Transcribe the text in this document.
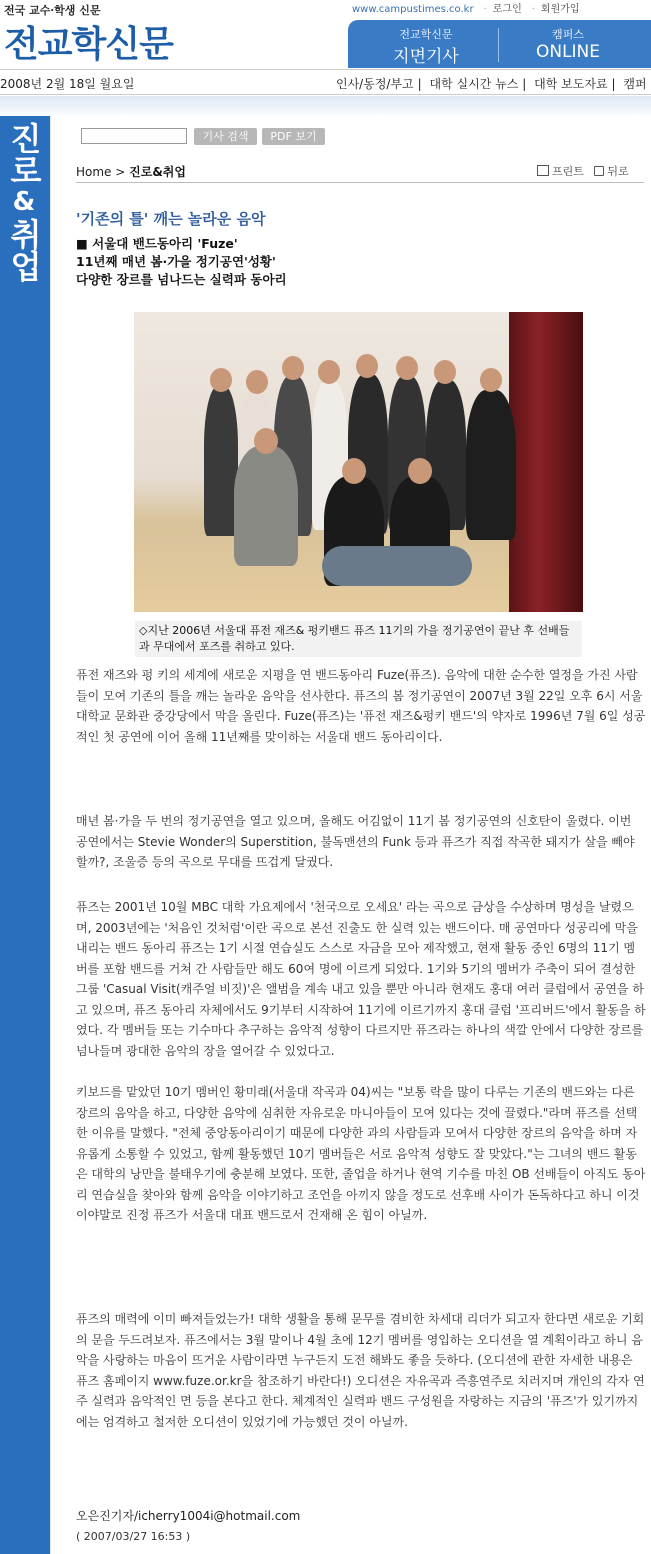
전국 교수·학생 신문
전교학신문
www.campustimes.co.kr · 로그인 · 회원가입
전교학신문
지면기사
캠퍼스
ONLINE
2008년 2월 18일 월요일	인사/동정/부고 | 대학 실시간 뉴스 | 대학 보도자료 | 캠퍼
진로
&
취업
기사 검색	PDF 보기
Home > 진로&취업	프린트 뒤로
'기존의 틀' 깨는 놀라운 음악
■ 서울대 밴드동아리 'Fuze'
11년째 매년 봄·가을 정기공연'성황'
다양한 장르를 넘나드는 실력파 동아리
◇지난 2006년 서울대 퓨전 재즈& 펑키밴드 퓨즈 11기의 가을 정기공연이 끝난 후 선배들과 무대에서 포즈를 취하고 있다.

퓨전 재즈와 펑 키의 세계에 새로운 지평을 연 밴드동아리 Fuze(퓨즈). 음악에 대한 순수한 열정을 가진 사람들이 모여 기존의 틀을 깨는 놀라운 음악을 선사한다. 퓨즈의 봄 정기공연이 2007년 3월 22일 오후 6시 서울대학교 문화관 중강당에서 막을 올린다. Fuze(퓨즈)는 '퓨전 재즈&펑키 밴드'의 약자로 1996년 7월 6일 성공적인 첫 공연에 이어 올해 11년째를 맞이하는 서울대 밴드 동아리이다.

매년 봄·가을 두 번의 정기공연을 열고 있으며, 올해도 어김없이 11기 봄 정기공연의 신호탄이 울렸다. 이번 공연에서는 Stevie Wonder의 Superstition, 불독맨션의 Funk 등과 퓨즈가 직접 작곡한 돼지가 살을 빼야할까?, 조울증 등의 곡으로 무대를 뜨겁게 달궜다.

퓨즈는 2001년 10월 MBC 대학 가요제에서 '천국으로 오세요' 라는 곡으로 금상을 수상하며 명성을 날렸으며, 2003년에는 '처음인 것처럼'이란 곡으로 본선 진출도 한 실력 있는 밴드이다. 매 공연마다 성공리에 막을 내리는 밴드 동아리 퓨즈는 1기 시절 연습실도 스스로 자금을 모아 제작했고, 현재 활동 중인 6명의 11기 멤버를 포함 밴드를 거쳐 간 사람들만 해도 60여 명에 이르게 되었다. 1기와 5기의 멤버가 주축이 되어 결성한 그룹 'Casual Visit(캐주얼 비짓)'은 앨범을 계속 내고 있을 뿐만 아니라 현재도 홍대 여러 클럽에서 공연을 하고 있으며, 퓨즈 동아리 자체에서도 9기부터 시작하여 11기에 이르기까지 홍대 클럽 '프리버드'에서 활동을 하였다. 각 멤버들 또는 기수마다 추구하는 음악적 성향이 다르지만 퓨즈라는 하나의 색깔 안에서 다양한 장르를 넘나들며 광대한 음악의 장을 열어갈 수 있었다고.

키보드를 맡았던 10기 멤버인 황미래(서울대 작곡과 04)씨는 "보통 락을 많이 다루는 기존의 밴드와는 다른 장르의 음악을 하고, 다양한 음악에 심취한 자유로운 마니아들이 모여 있다는 것에 끌렸다."라며 퓨즈를 선택한 이유를 말했다. "전체 중앙동아리이기 때문에 다양한 과의 사람들과 모여서 다양한 장르의 음악을 하며 자유롭게 소통할 수 있었고, 함께 활동했던 10기 멤버들은 서로 음악적 성향도 잘 맞았다."는 그녀의 밴드 활동은 대학의 낭만을 불태우기에 충분해 보였다. 또한, 졸업을 하거나 현역 기수를 마친 OB 선배들이 아직도 동아리 연습실을 찾아와 함께 음악을 이야기하고 조언을 아끼지 않을 정도로 선후배 사이가 돈독하다고 하니 이것이야말로 진정 퓨즈가 서울대 대표 밴드로서 건재해 온 힘이 아닐까.

퓨즈의 매력에 이미 빠져들었는가! 대학 생활을 통해 문무를 겸비한 차세대 리더가 되고자 한다면 새로운 기회의 문을 두드려보자. 퓨즈에서는 3월 말이나 4월 초에 12기 멤버를 영입하는 오디션을 열 계획이라고 하니 음악을 사랑하는 마음이 뜨거운 사람이라면 누구든지 도전 해봐도 좋을 듯하다. (오디션에 관한 자세한 내용은 퓨즈 홈페이지 www.fuze.or.kr을 참조하기 바란다!) 오디션은 자유곡과 즉흥연주로 치러지며 개인의 각자 연주 실력과 음악적인 면 등을 본다고 한다. 체계적인 실력파 밴드 구성원을 자랑하는 지금의 '퓨즈'가 있기까지에는 엄격하고 철저한 오디션이 있었기에 가능했던 것이 아닐까.

오은진기자/icherry1004i@hotmail.com
( 2007/03/27 16:53 )
